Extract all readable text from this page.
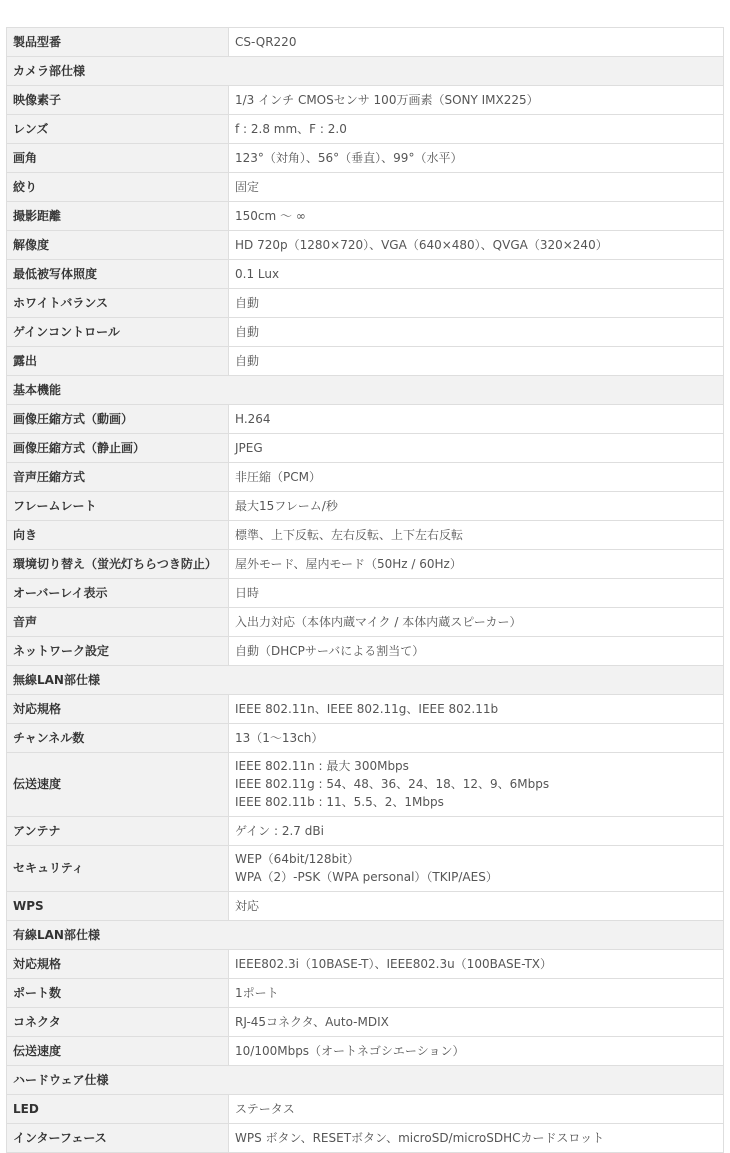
製品型番	CS-QR220
カメラ部仕様	
映像素子	1/3 インチ CMOSセンサ 100万画素（SONY IMX225）
レンズ	f : 2.8 mm、F : 2.0
画角	123°（対角）、56°（垂直）、99°（水平）
絞り	固定
撮影距離	150cm ～ ∞
解像度	HD 720p（1280×720）、VGA（640×480）、QVGA（320×240）
最低被写体照度	0.1 Lux
ホワイトバランス	自動
ゲインコントロール	自動
露出	自動
基本機能	
画像圧縮方式（動画）	H.264
画像圧縮方式（静止画）	JPEG
音声圧縮方式	非圧縮（PCM）
フレームレート	最大15フレーム/秒
向き	標準、上下反転、左右反転、上下左右反転
環境切り替え（蛍光灯ちらつき防止）	屋外モード、屋内モード（50Hz / 60Hz）
オーバーレイ表示	日時
音声	入出力対応（本体内蔵マイク / 本体内蔵スピーカー）
ネットワーク設定	自動（DHCPサーバによる割当て）
無線LAN部仕様	
対応規格	IEEE 802.11n、IEEE 802.11g、IEEE 802.11b
チャンネル数	13（1～13ch）
伝送速度	IEEE 802.11n : 最大 300Mbps
IEEE 802.11g : 54、48、36、24、18、12、9、6Mbps
IEEE 802.11b : 11、5.5、2、1Mbps

アンテナ	ゲイン : 2.7 dBi
セキュリティ	WEP（64bit/128bit）
WPA（2）-PSK（WPA personal）（TKIP/AES）

WPS	対応
有線LAN部仕様	
対応規格	IEEE802.3i（10BASE-T）、IEEE802.3u（100BASE-TX）
ポート数	1ポート
コネクタ	RJ-45コネクタ、Auto-MDIX
伝送速度	10/100Mbps（オートネゴシエーション）
ハードウェア仕様	
LED	ステータス
インターフェース	WPS ボタン、RESETボタン、microSD/microSDHCカードスロット
